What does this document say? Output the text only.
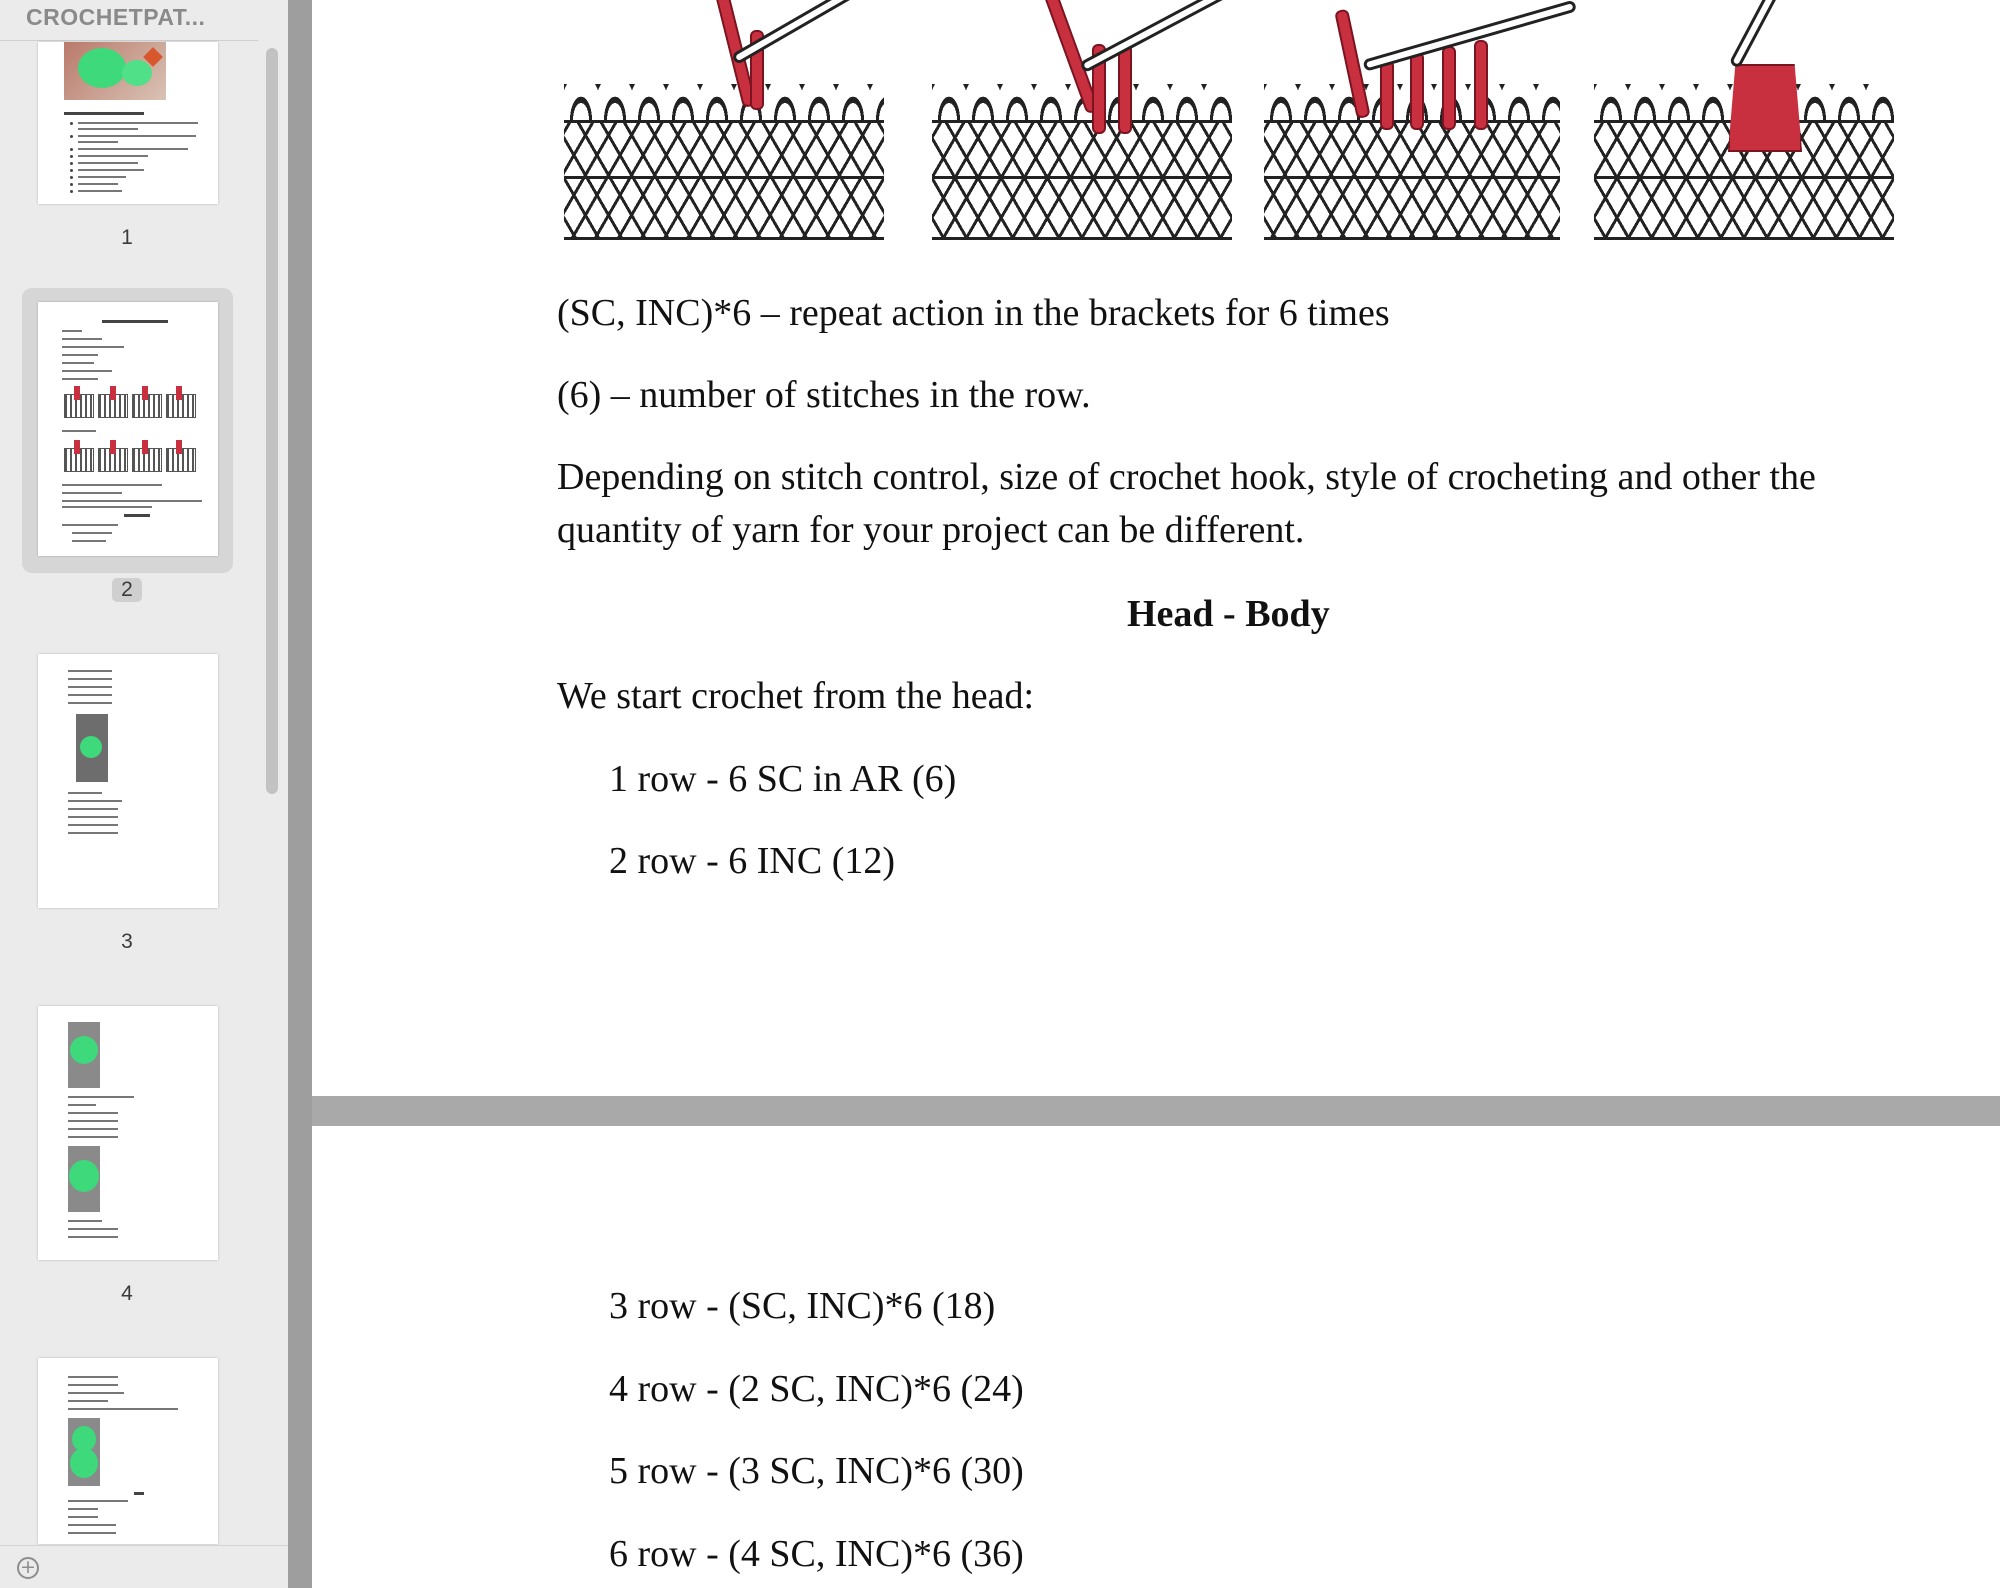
CROCHETPAT...
1
2
3
4
+
(SC, INC)*6 – repeat action in the brackets for 6 times
(6) – number of stitches in the row.
Depending on stitch control, size of crochet hook, style of crocheting and other the
quantity of yarn for your project can be different.
Head - Body
We start crochet from the head:
1 row - 6 SC in AR (6)
2 row - 6 INC (12)
3 row - (SC, INC)*6 (18)
4 row - (2 SC, INC)*6 (24)
5 row - (3 SC, INC)*6 (30)
6 row - (4 SC, INC)*6 (36)
